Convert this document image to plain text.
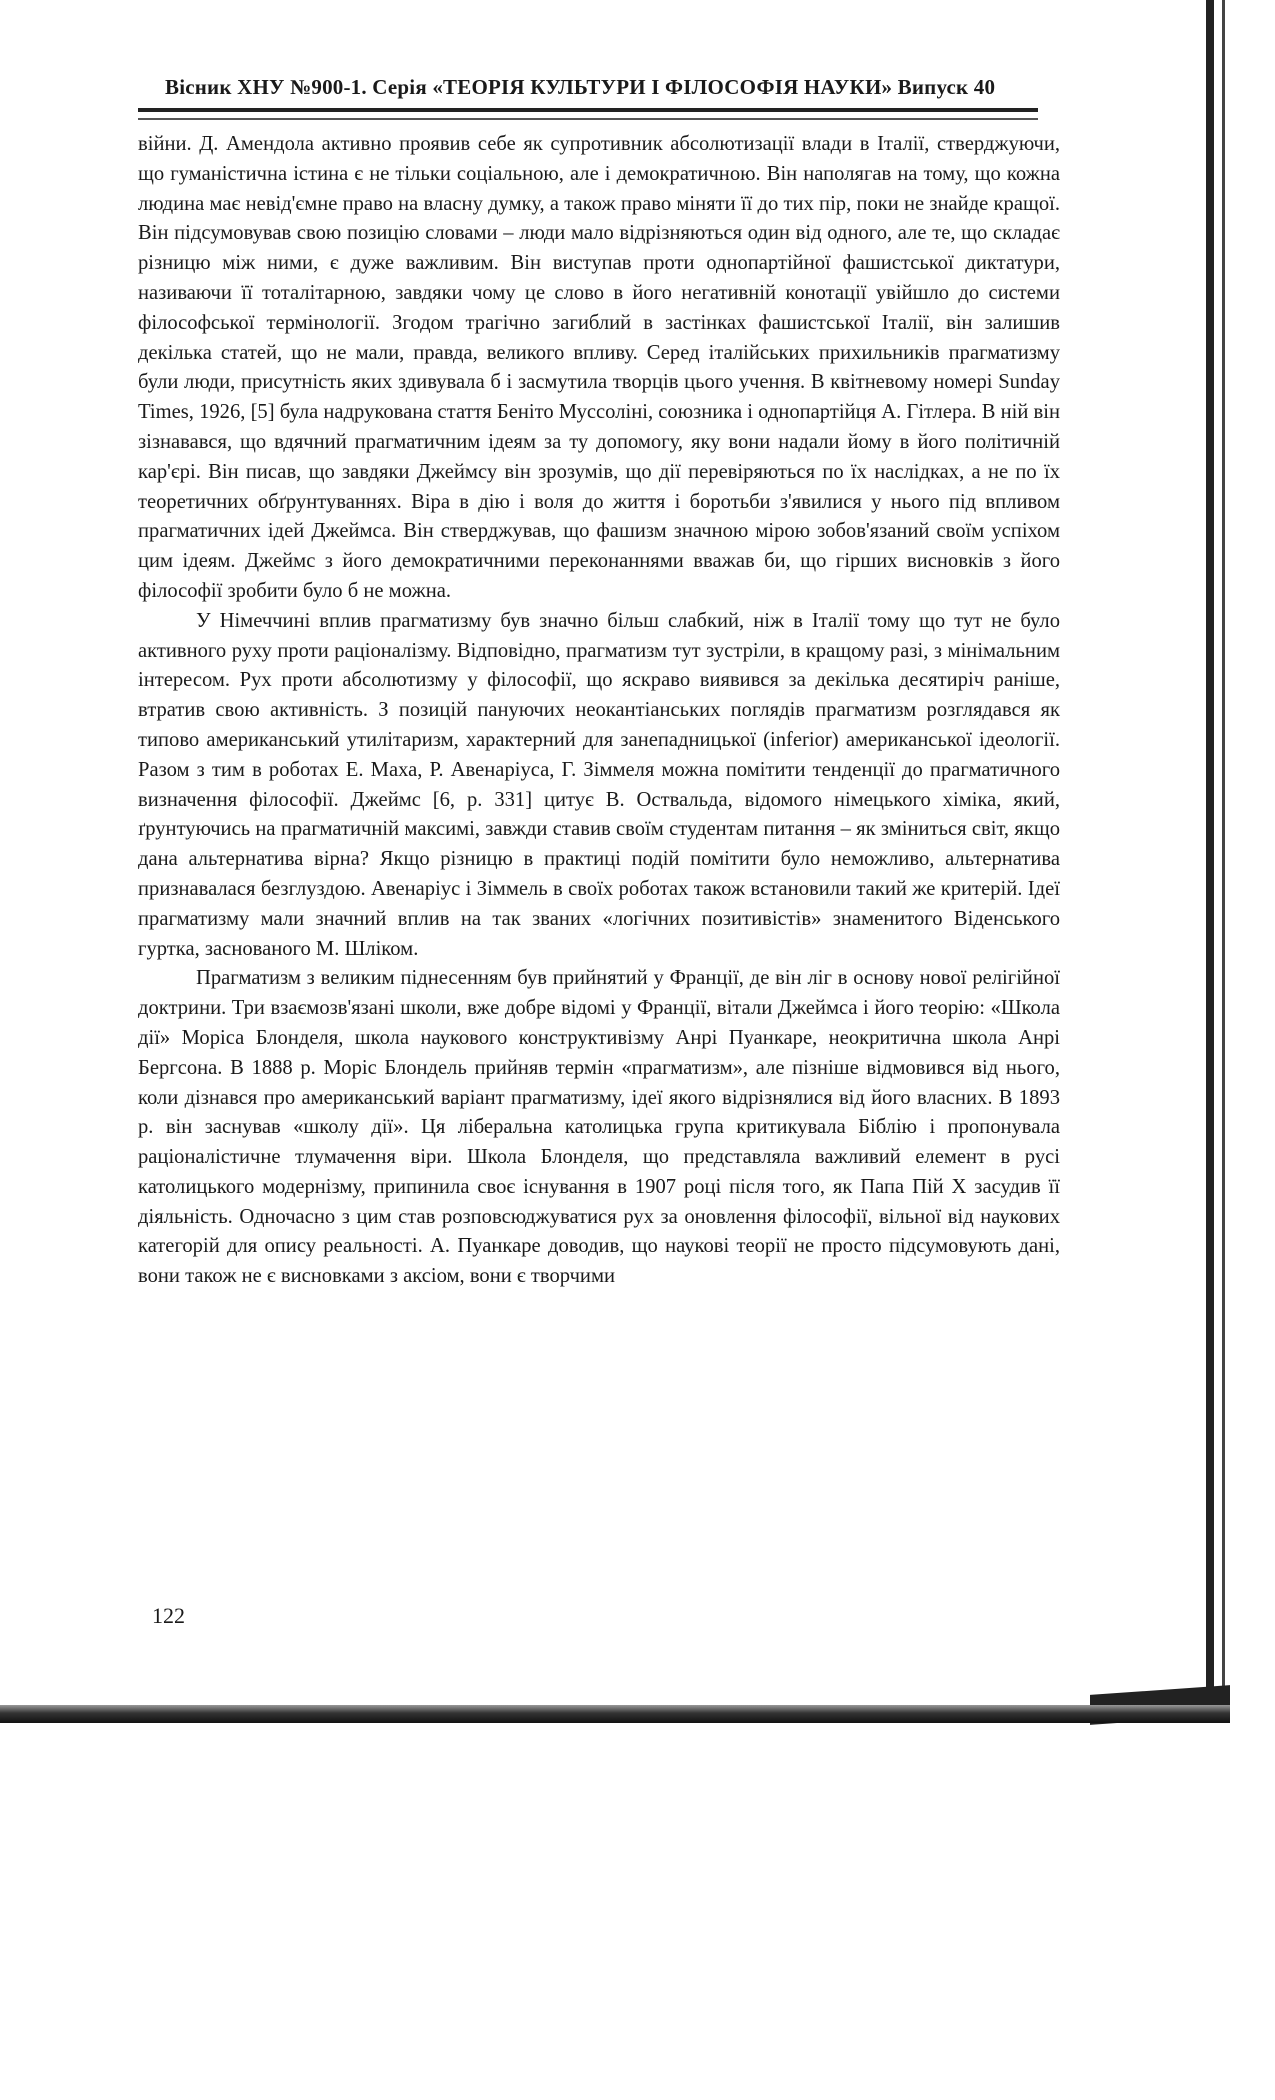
Вісник ХНУ №900-1. Серія «ТЕОРІЯ КУЛЬТУРИ І ФІЛОСОФІЯ НАУКИ» Випуск 40

війни. Д. Амендола активно проявив себе як супротивник абсолютизації влади в Італії, стверджуючи, що гуманістична істина є не тільки соціальною, але і демократичною. Він наполягав на тому, що кожна людина має невід'ємне право на власну думку, а також право міняти її до тих пір, поки не знайде кращої. Він підсумовував свою позицію словами – люди мало відрізняються один від одного, але те, що складає різницю між ними, є дуже важливим. Він виступав проти однопартійної фашистської диктатури, називаючи її тоталітарною, завдяки чому це слово в його негативній конотації увійшло до системи філософської термінології. Згодом трагічно загиблий в застінках фашистської Італії, він залишив декілька статей, що не мали, правда, великого впливу. Серед італійських прихильників прагматизму були люди, присутність яких здивувала б і засмутила творців цього учення. В квітневому номері Sunday Times, 1926, [5] була надрукована стаття Беніто Муссоліні, союзника і однопартійця А. Гітлера. В ній він зізнавався, що вдячний прагматичним ідеям за ту допомогу, яку вони надали йому в його політичній кар'єрі. Він писав, що завдяки Джеймсу він зрозумів, що дії перевіряються по їх наслідках, а не по їх теоретичних обґрунтуваннях. Віра в дію і воля до життя і боротьби з'явилися у нього під впливом прагматичних ідей Джеймса. Він стверджував, що фашизм значною мірою зобов'язаний своїм успіхом цим ідеям. Джеймс з його демократичними переконаннями вважав би, що гірших висновків з його філософії зробити було б не можна.

У Німеччині вплив прагматизму був значно більш слабкий, ніж в Італії тому що тут не було активного руху проти раціоналізму. Відповідно, прагматизм тут зустріли, в кращому разі, з мінімальним інтересом. Рух проти абсолютизму у філософії, що яскраво виявився за декілька десятиріч раніше, втратив свою активність. З позицій пануючих неокантіанських поглядів прагматизм розглядався як типово американський утилітаризм, характерний для занепадницької (inferior) американської ідеології. Разом з тим в роботах Е. Маха, Р. Авенаріуса, Г. Зіммеля можна помітити тенденції до прагматичного визначення філософії. Джеймс [6, p. 331] цитує В. Оствальда, відомого німецького хіміка, який, ґрунтуючись на прагматичній максимі, завжди ставив своїм студентам питання – як зміниться світ, якщо дана альтернатива вірна? Якщо різницю в практиці подій помітити було неможливо, альтернатива признавалася безглуздою. Авенаріус і Зіммель в своїх роботах також встановили такий же критерій. Ідеї прагматизму мали значний вплив на так званих «логічних позитивістів» знаменитого Віденського гуртка, заснованого М. Шліком.

Прагматизм з великим піднесенням був прийнятий у Франції, де він ліг в основу нової релігійної доктрини. Три взаємозв'язані школи, вже добре відомі у Франції, вітали Джеймса і його теорію: «Школа дії» Моріса Блонделя, школа наукового конструктивізму Анрі Пуанкаре, неокритична школа Анрі Бергсона. В 1888 р. Моріс Блондель прийняв термін «прагматизм», але пізніше відмовився від нього, коли дізнався про американський варіант прагматизму, ідеї якого відрізнялися від його власних. В 1893 р. він заснував «школу дії». Ця ліберальна католицька група критикувала Біблію і пропонувала раціоналістичне тлумачення віри. Школа Блонделя, що представляла важливий елемент в русі католицького модернізму, припинила своє існування в 1907 році після того, як Папа Пій X засудив її діяльність. Одночасно з цим став розповсюджуватися рух за оновлення філософії, вільної від наукових категорій для опису реальності. А. Пуанкаре доводив, що наукові теорії не просто підсумовують дані, вони також не є висновками з аксіом, вони є творчими

122
